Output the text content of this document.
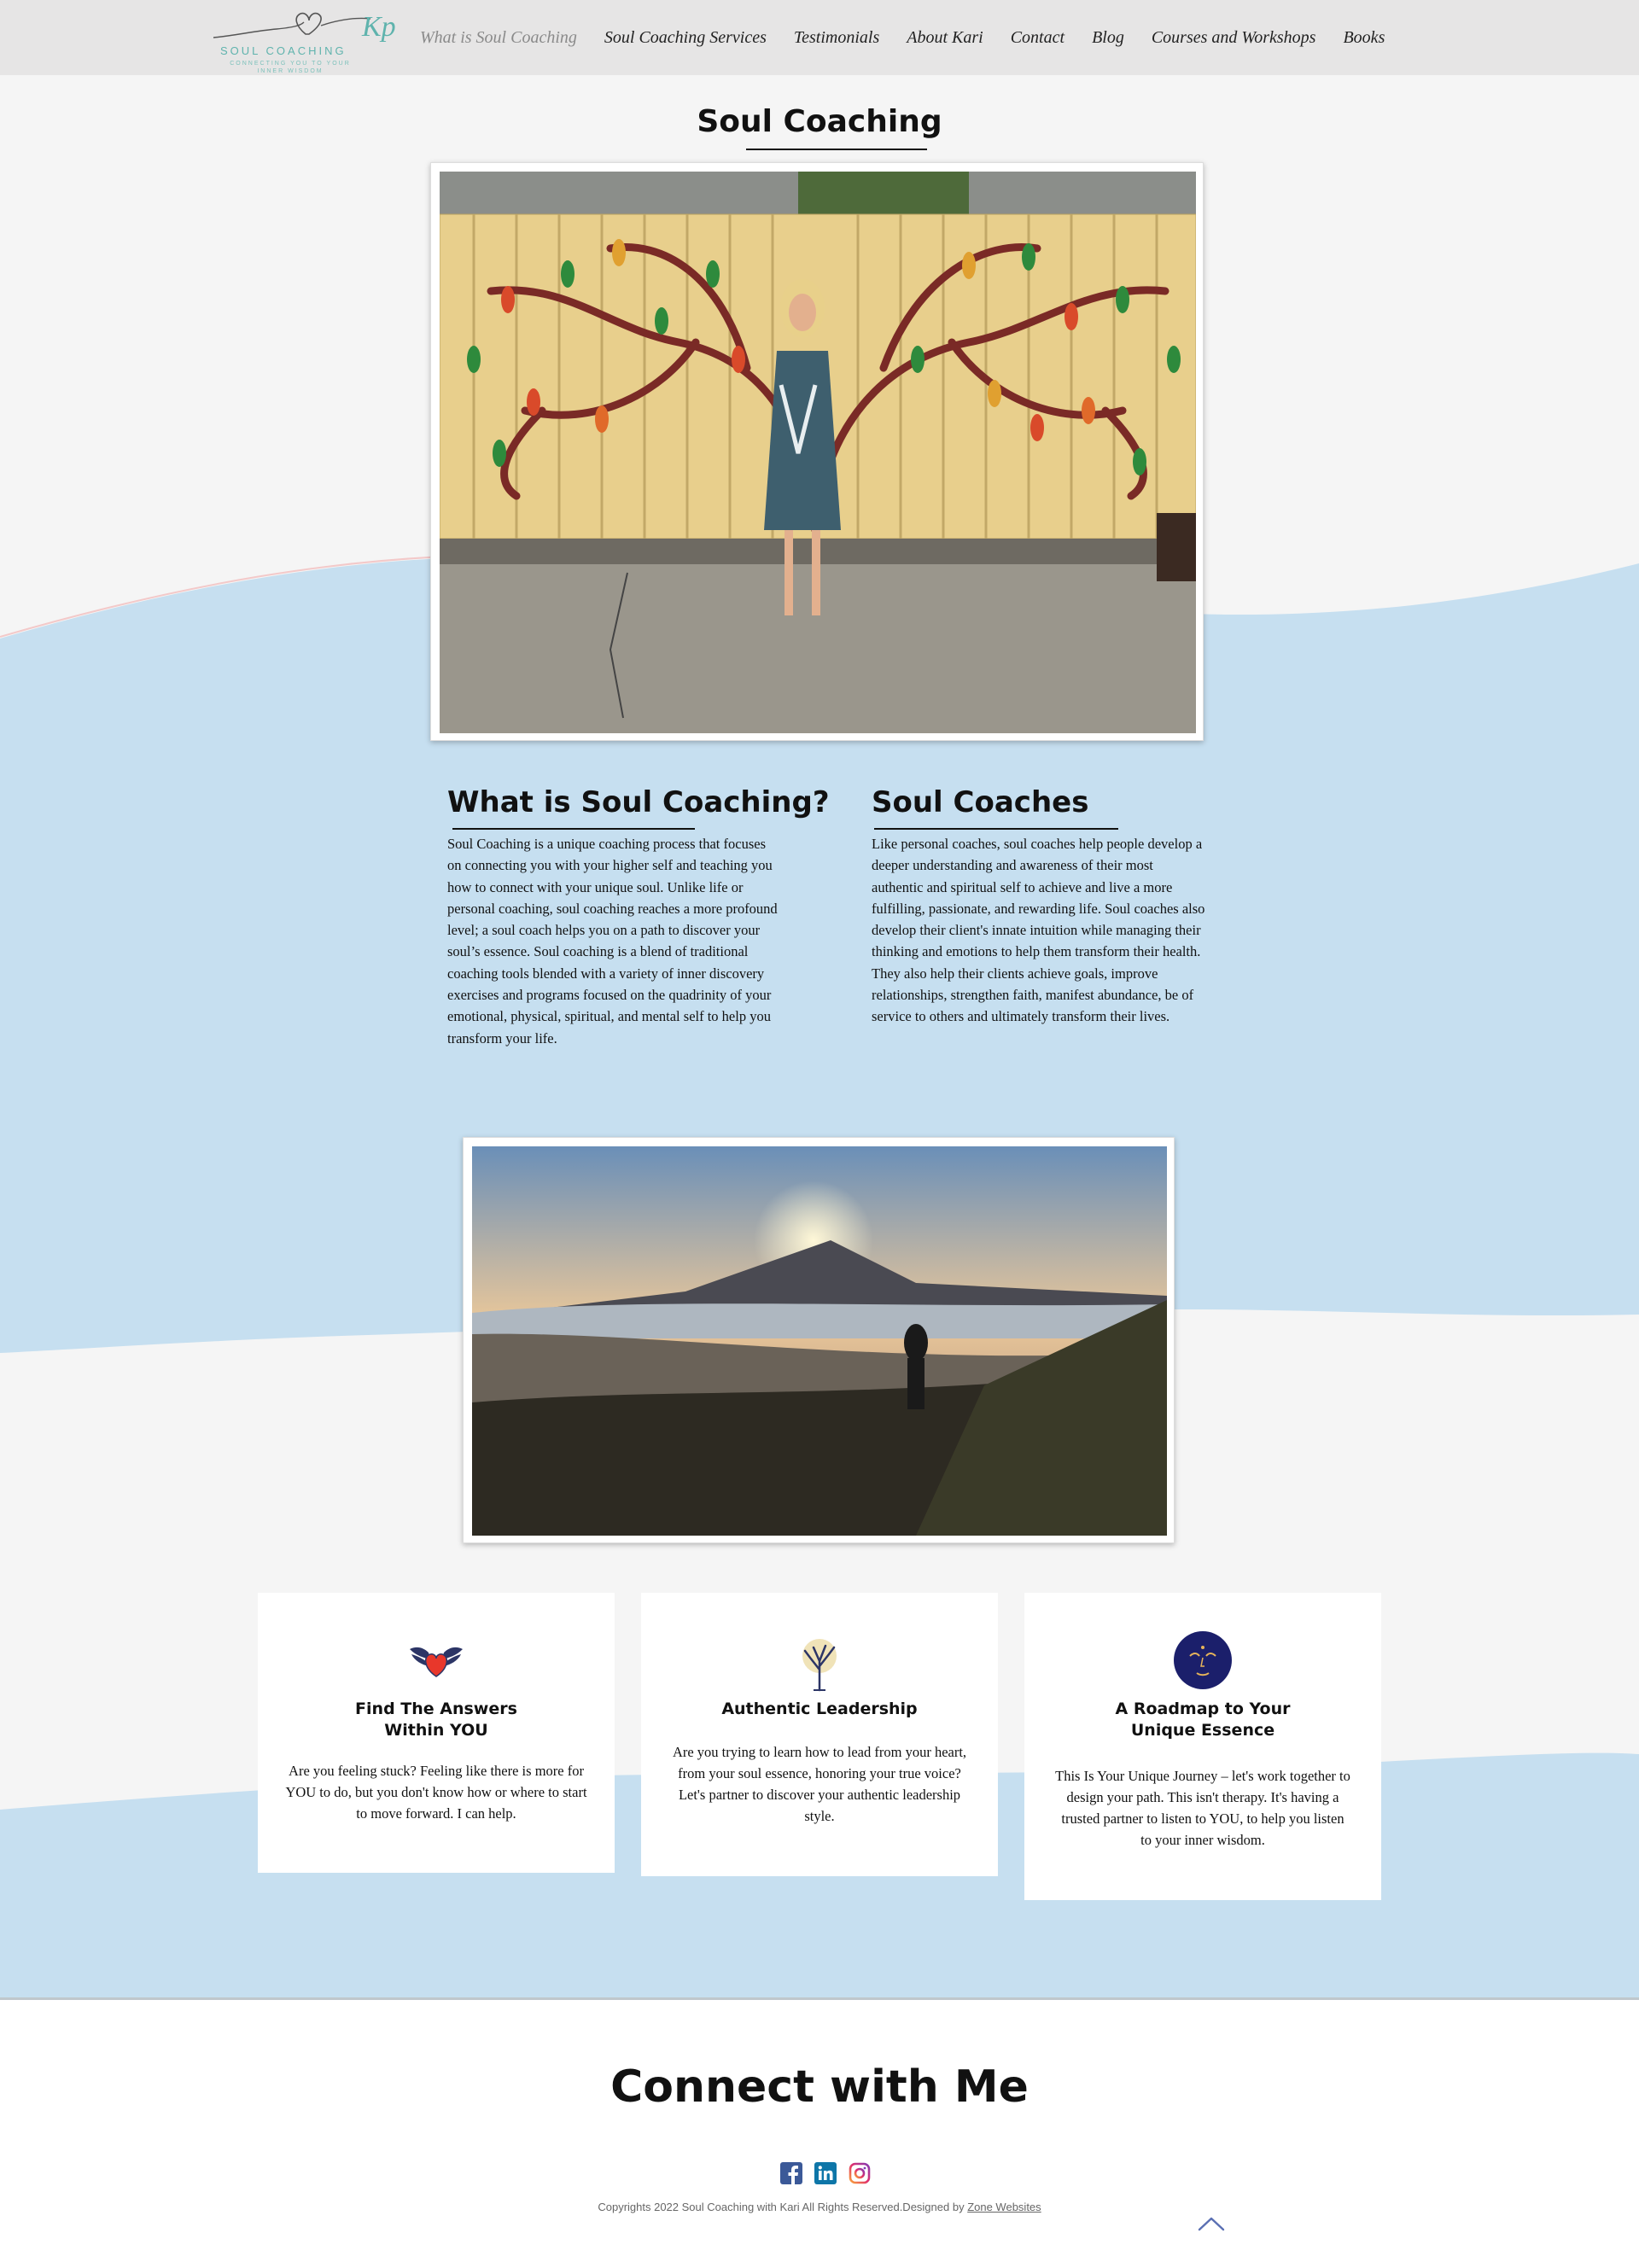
Kp
SOUL COACHING
CONNECTING YOU TO YOUR INNER WISDOM
What is Soul Coaching	Soul Coaching Services	Testimonials	About Kari	Contact	Blog	Courses and Workshops	Books
Soul Coaching
What is Soul Coaching?

Soul Coaching is a unique coaching process that focuses on connecting you with your higher self and teaching you how to connect with your unique soul. Unlike life or personal coaching, soul coaching reaches a more profound level; a soul coach helps you on a path to discover your soul’s essence. Soul coaching is a blend of traditional coaching tools blended with a variety of inner discovery exercises and programs focused on the quadrinity of your emotional, physical, spiritual, and mental self to help you transform your life.

Soul Coaches

Like personal coaches, soul coaches help people develop a deeper understanding and awareness of their most authentic and spiritual self to achieve and live a more fulfilling, passionate, and rewarding life. Soul coaches also develop their client's innate intuition while managing their thinking and emotions to help them transform their health. They also help their clients achieve goals, improve relationships, strengthen faith, manifest abundance, be of service to others and ultimately transform their lives.

Find The Answers Within YOU

Are you feeling stuck? Feeling like there is more for YOU to do, but you don't know how or where to start to move forward. I can help.

Authentic Leadership

Are you trying to learn how to lead from your heart, from your soul essence, honoring your true voice? Let's partner to discover your authentic leadership style.

A Roadmap to Your Unique Essence

This Is Your Unique Journey – let's work together to design your path. This isn't therapy. It's having a trusted partner to listen to YOU, to help you listen to your inner wisdom.

Connect with Me

Copyrights 2022 Soul Coaching with Kari All Rights Reserved.Designed by Zone Websites
